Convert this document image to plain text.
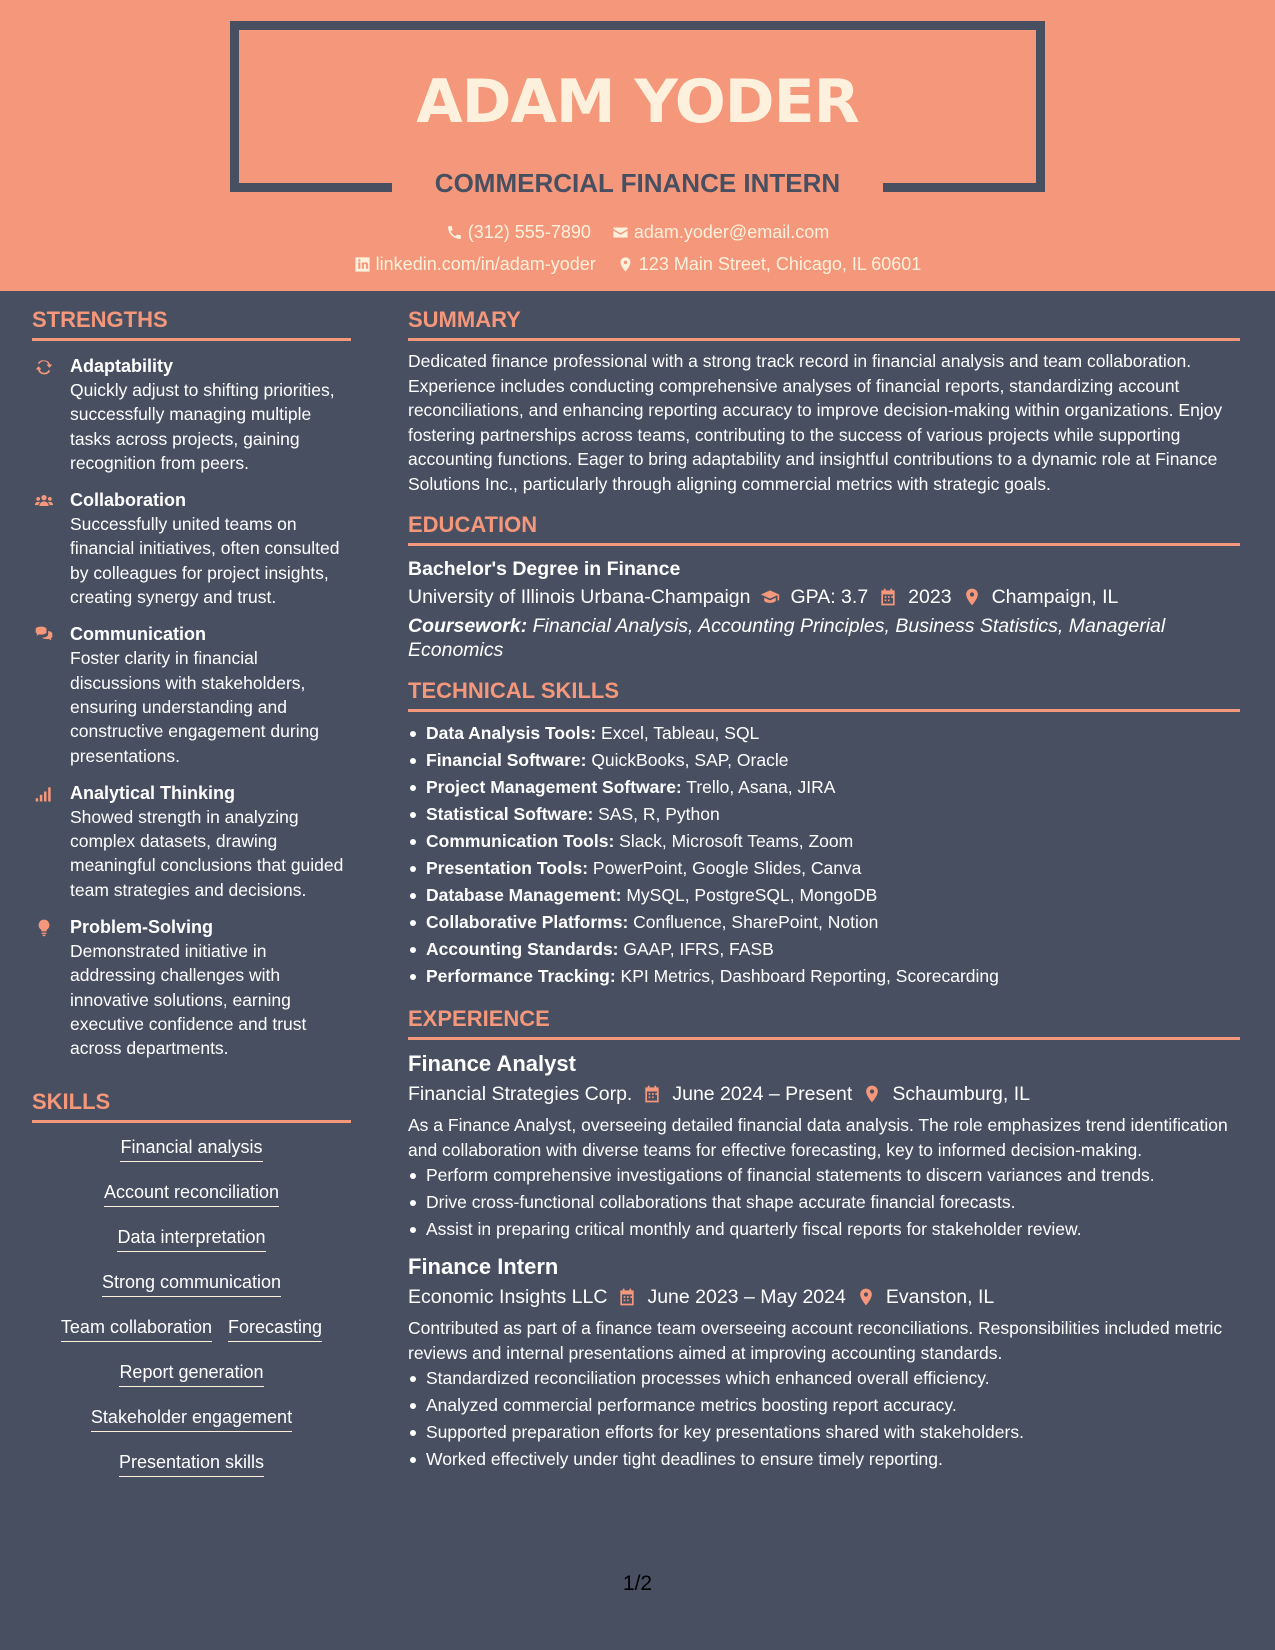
ADAM YODER
COMMERCIAL FINANCE INTERN
(312) 555-7890
adam.yoder@email.com
linkedin.com/in/adam-yoder
123 Main Street, Chicago, IL 60601
STRENGTHS
Adaptability
Quickly adjust to shifting priorities, successfully managing multiple tasks across projects, gaining recognition from peers.
Collaboration
Successfully united teams on financial initiatives, often consulted by colleagues for project insights, creating synergy and trust.
Communication
Foster clarity in financial discussions with stakeholders, ensuring understanding and constructive engagement during presentations.
Analytical Thinking
Showed strength in analyzing complex datasets, drawing meaningful conclusions that guided team strategies and decisions.
Problem-Solving
Demonstrated initiative in addressing challenges with innovative solutions, earning executive confidence and trust across departments.
SKILLS
Financial analysis
Account reconciliation
Data interpretation
Strong communication
Team collaboration Forecasting
Report generation
Stakeholder engagement
Presentation skills
SUMMARY
Dedicated finance professional with a strong track record in financial analysis and team collaboration. Experience includes conducting comprehensive analyses of financial reports, standardizing account reconciliations, and enhancing reporting accuracy to improve decision-making within organizations. Enjoy fostering partnerships across teams, contributing to the success of various projects while supporting accounting functions. Eager to bring adaptability and insightful contributions to a dynamic role at Finance Solutions Inc., particularly through aligning commercial metrics with strategic goals.
EDUCATION
Bachelor's Degree in Finance
University of Illinois Urbana-Champaign GPA: 3.7 2023 Champaign, IL
Coursework: Financial Analysis, Accounting Principles, Business Statistics, Managerial Economics
TECHNICAL SKILLS
Data Analysis Tools: Excel, Tableau, SQL
Financial Software: QuickBooks, SAP, Oracle
Project Management Software: Trello, Asana, JIRA
Statistical Software: SAS, R, Python
Communication Tools: Slack, Microsoft Teams, Zoom
Presentation Tools: PowerPoint, Google Slides, Canva
Database Management: MySQL, PostgreSQL, MongoDB
Collaborative Platforms: Confluence, SharePoint, Notion
Accounting Standards: GAAP, IFRS, FASB
Performance Tracking: KPI Metrics, Dashboard Reporting, Scorecarding
EXPERIENCE
Finance Analyst
Financial Strategies Corp. June 2024 – Present Schaumburg, IL
As a Finance Analyst, overseeing detailed financial data analysis. The role emphasizes trend identification and collaboration with diverse teams for effective forecasting, key to informed decision-making.
Perform comprehensive investigations of financial statements to discern variances and trends.
Drive cross-functional collaborations that shape accurate financial forecasts.
Assist in preparing critical monthly and quarterly fiscal reports for stakeholder review.
Finance Intern
Economic Insights LLC June 2023 – May 2024 Evanston, IL
Contributed as part of a finance team overseeing account reconciliations. Responsibilities included metric reviews and internal presentations aimed at improving accounting standards.
Standardized reconciliation processes which enhanced overall efficiency.
Analyzed commercial performance metrics boosting report accuracy.
Supported preparation efforts for key presentations shared with stakeholders.
Worked effectively under tight deadlines to ensure timely reporting.
1/2
